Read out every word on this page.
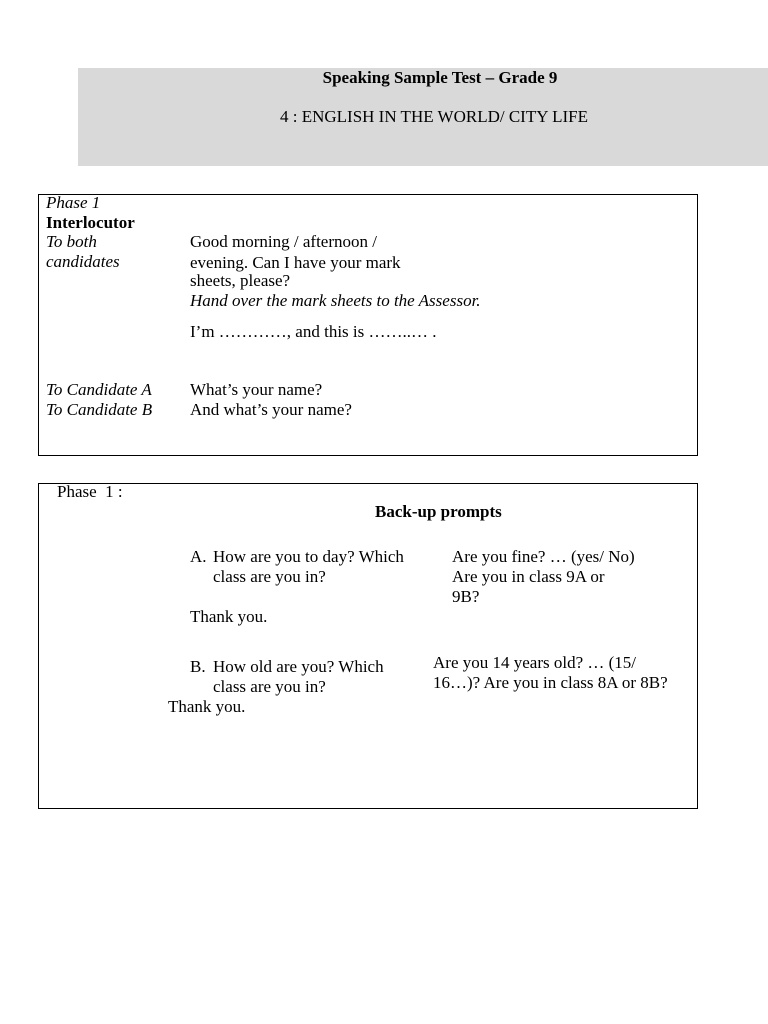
Speaking Sample Test – Grade 9
4 : ENGLISH IN THE WORLD/ CITY LIFE
Phase 1
Interlocutor
To both
candidates
Good morning / afternoon /
evening. Can I have your mark
sheets, please?
Hand over the mark sheets to the Assessor.
I’m …………, and this is ……..… .
To Candidate A What’s your name?
To Candidate B And what’s your name?
Phase  1 :
Back-up prompts
A. How are you to day? Which
class are you in?
Are you fine? … (yes/ No)
Are you in class 9A or
9B?
Thank you.
B. How old are you? Which
class are you in?
Are you 14 years old? … (15/
16…)? Are you in class 8A or 8B?
Thank you.
